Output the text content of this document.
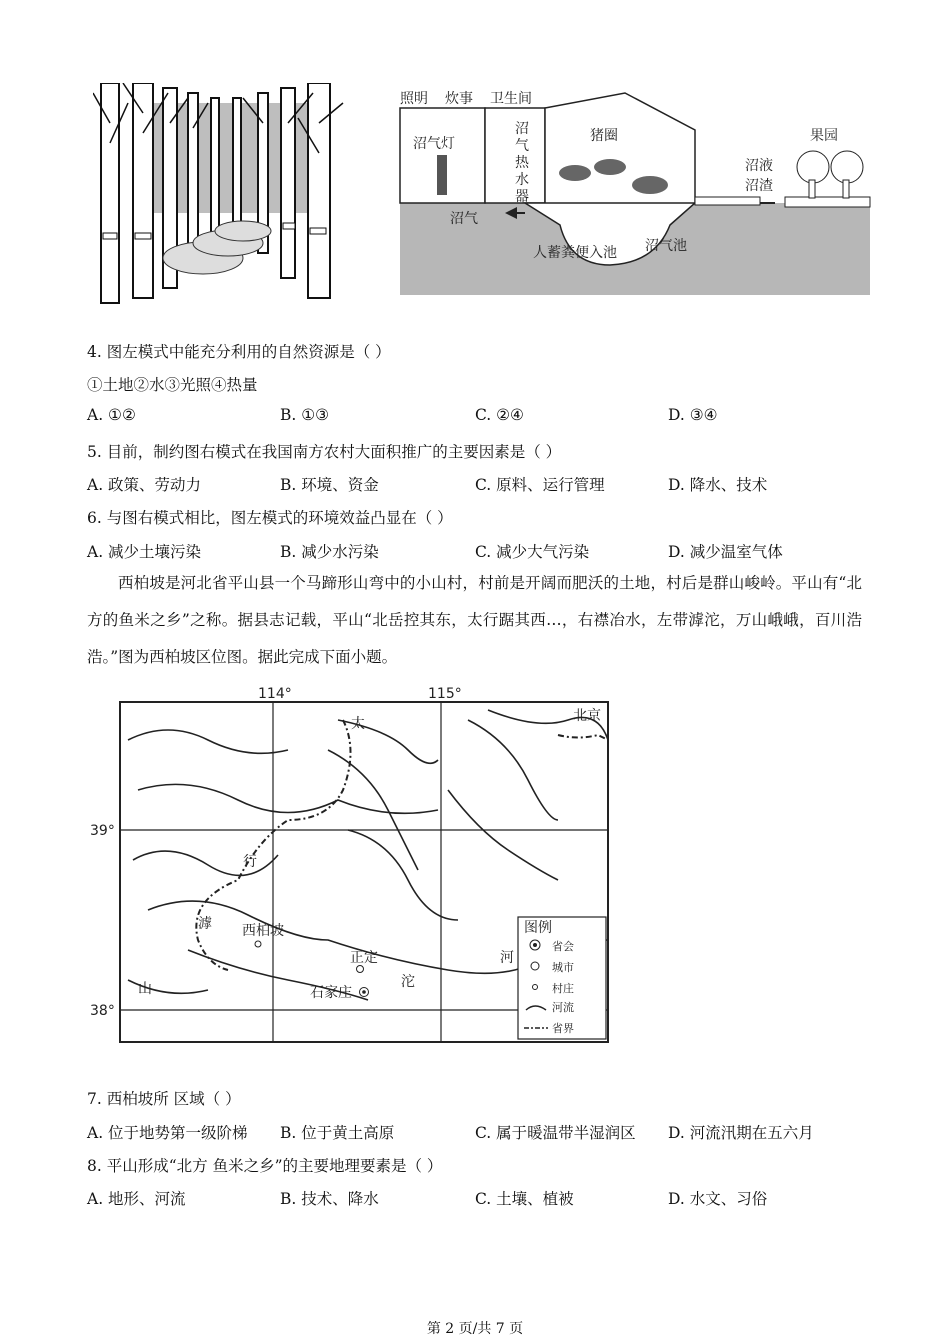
照明 炊事 卫生间
沼气灯
沼
气
热
水
器
猪圈	果园
沼液
沼渣
沼气
人蓄粪便入池 沼气池
4. 图左模式中能充分利用的自然资源是（ ）
①土地②水③光照④热量
A. ①②	B. ①③	C. ②④	D. ③④
5. 目前，制约图右模式在我国南方农村大面积推广的主要因素是（ ）
A. 政策、劳动力	B. 环境、资金	C. 原料、运行管理	D. 降水、技术
6. 与图右模式相比，图左模式的环境效益凸显在（ ）
A. 减少土壤污染	B. 减少水污染	C. 减少大气污染	D. 减少温室气体
西柏坡是河北省平山县一个马蹄形山弯中的小山村，村前是开阔而肥沃的土地，村后是群山峻岭。平山有“北方的鱼米之乡”之称。据县志记载，平山“北岳控其东，太行踞其西…，右襟冶水，左带滹沱，万山峨峨，百川浩浩。”图为西柏坡区位图。据此完成下面小题。
114°	115°
39°
38°
北京
太
行
山
滹
沱
河
西柏坡
正定
石家庄
图例
省会
城市
村庄
河流
省界
7. 西柏坡所 区域（ ）
A. 位于地势第一级阶梯 B. 位于黄土高原	C. 属于暖温带半湿润区 D. 河流汛期在五六月
8. 平山形成“北方 鱼米之乡”的主要地理要素是（ ）
A. 地形、河流	B. 技术、降水	C. 土壤、植被	D. 水文、习俗
第 2 页/共 7 页
